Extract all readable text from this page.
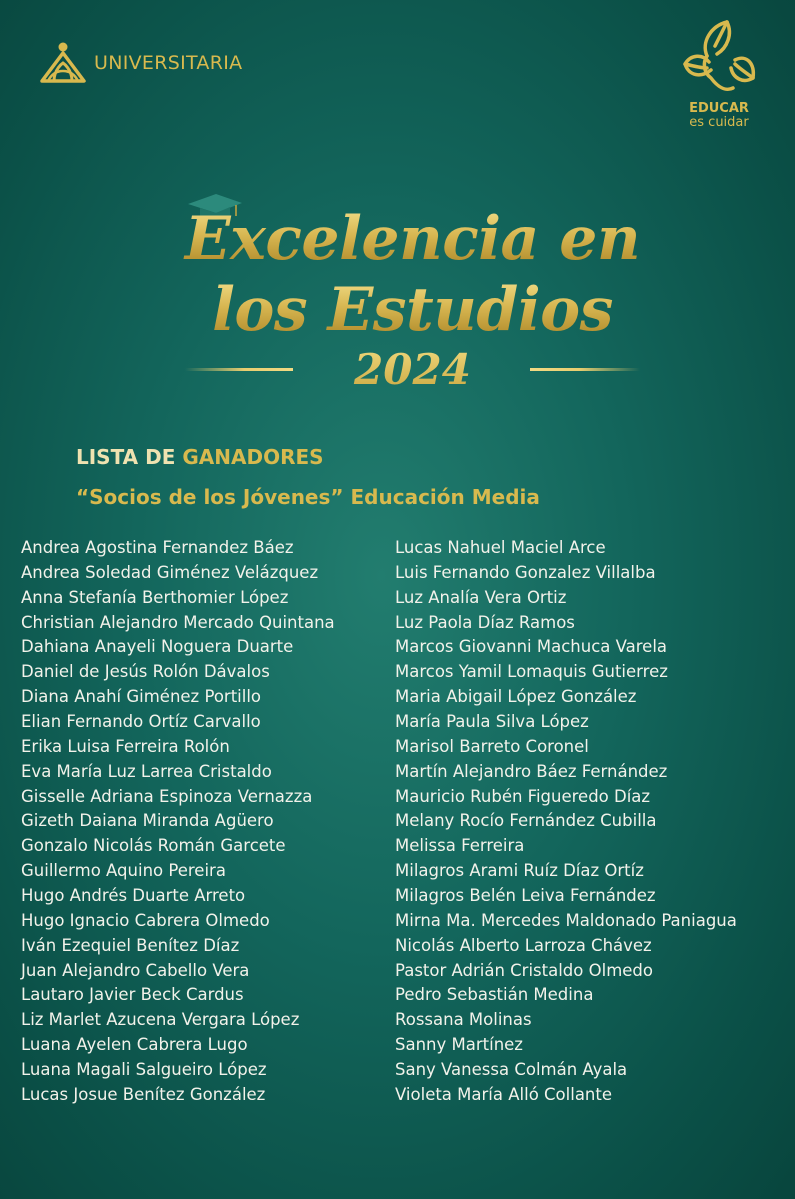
UNIVERSITARIA
EDUCAR
es cuidar
Excelencia en
los Estudios
2024
LISTA DE GANADORES
“Socios de los Jóvenes” Educación Media
Andrea Agostina Fernandez Báez
Andrea Soledad Giménez Velázquez
Anna Stefanía Berthomier López
Christian Alejandro Mercado Quintana
Dahiana Anayeli Noguera Duarte
Daniel de Jesús Rolón Dávalos
Diana Anahí Giménez Portillo
Elian Fernando Ortíz Carvallo
Erika Luisa Ferreira Rolón
Eva María Luz Larrea Cristaldo
Gisselle Adriana Espinoza Vernazza
Gizeth Daiana Miranda Agüero
Gonzalo Nicolás Román Garcete
Guillermo Aquino Pereira
Hugo Andrés Duarte Arreto
Hugo Ignacio Cabrera Olmedo
Iván Ezequiel Benítez Díaz
Juan Alejandro Cabello Vera
Lautaro Javier Beck Cardus
Liz Marlet Azucena Vergara López
Luana Ayelen Cabrera Lugo
Luana Magali Salgueiro López
Lucas Josue Benítez González
Lucas Nahuel Maciel Arce
Luis Fernando Gonzalez Villalba
Luz Analía Vera Ortiz
Luz Paola Díaz Ramos
Marcos Giovanni Machuca Varela
Marcos Yamil Lomaquis Gutierrez
Maria Abigail López González
María Paula Silva López
Marisol Barreto Coronel
Martín Alejandro Báez Fernández
Mauricio Rubén Figueredo Díaz
Melany Rocío Fernández Cubilla
Melissa Ferreira
Milagros Arami Ruíz Díaz Ortíz
Milagros Belén Leiva Fernández
Mirna Ma. Mercedes Maldonado Paniagua
Nicolás Alberto Larroza Chávez
Pastor Adrián Cristaldo Olmedo
Pedro Sebastián Medina
Rossana Molinas
Sanny Martínez
Sany Vanessa Colmán Ayala
Violeta María Alló Collante
